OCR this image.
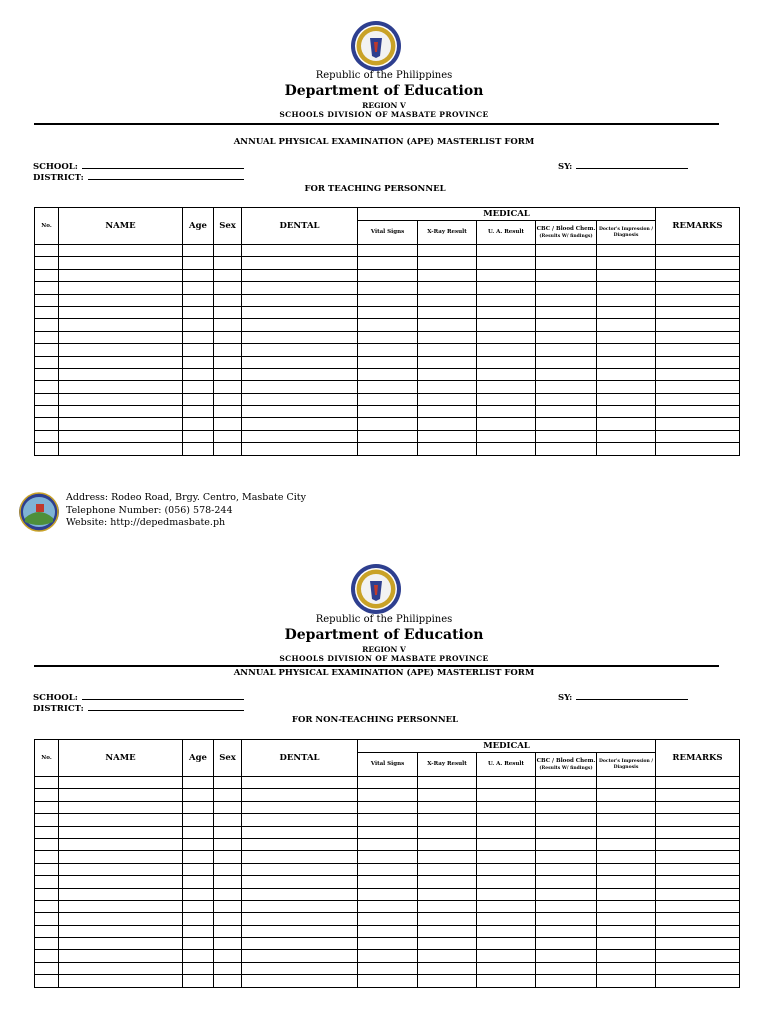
Republic of the Philippines
Department of Education
REGION V
SCHOOLS DIVISION OF MASBATE PROVINCE
ANNUAL PHYSICAL EXAMINATION (APE) MASTERLIST FORM
SCHOOL:
DISTRICT:
SY:
FOR TEACHING PERSONNEL
No.	NAME	Age	Sex	DENTAL	MEDICAL					REMARKS
					Vital Signs	X-Ray Result	U. A. Result	CBC / Blood Chem. (Results W/ findings)	Doctor's Impression / Diagnosis	

Address: Rodeo Road, Brgy. Centro, Masbate City
Telephone Number: (056) 578-244
Website: http://depedmasbate.ph
Republic of the Philippines
Department of Education
REGION V
SCHOOLS DIVISION OF MASBATE PROVINCE
ANNUAL PHYSICAL EXAMINATION (APE) MASTERLIST FORM
SCHOOL:
DISTRICT:
SY:
FOR NON-TEACHING PERSONNEL
No.	NAME	Age	Sex	DENTAL	MEDICAL					REMARKS
					Vital Signs	X-Ray Result	U. A. Result	CBC / Blood Chem. (Results W/ findings)	Doctor's Impression / Diagnosis	
